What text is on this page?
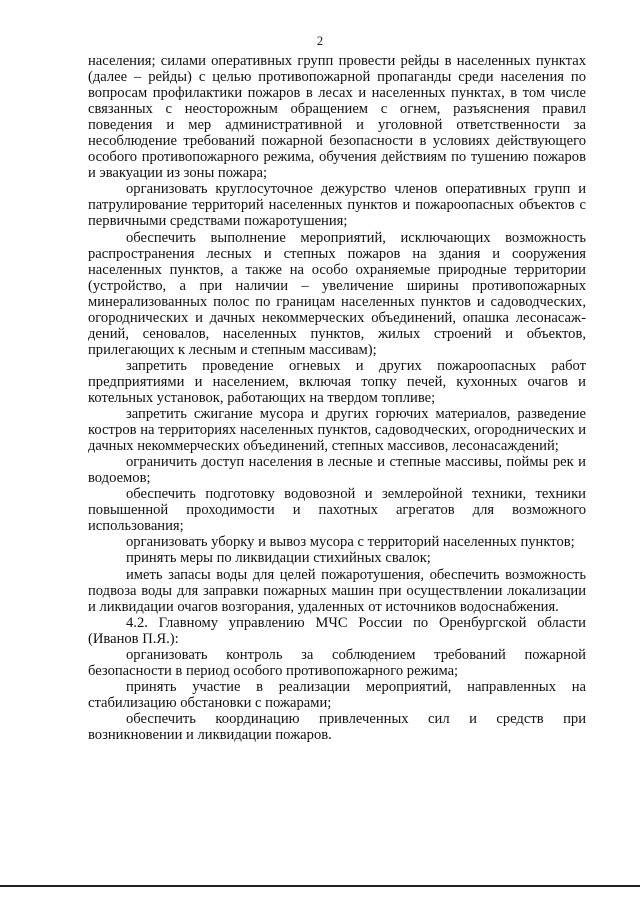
2

населения; силами оперативных групп провести рейды в населенных пунктах (далее – рейды) с целью противопожарной пропаганды среди населения по вопросам профилактики пожаров в лесах и населенных пунктах, в том числе связанных с неосторожным обращением с огнем, разъяснения правил поведения и мер административной и уголовной ответственности за несоблюдение требований пожарной безопасности в условиях действующего особого противопожарного режима, обучения действиям по тушению пожаров и эвакуации из зоны пожара;

организовать круглосуточное дежурство членов оперативных групп и патрулирование территорий населенных пунктов и пожароопасных объектов с первичными средствами пожаротушения;

обеспечить выполнение мероприятий, исключающих возможность распространения лесных и степных пожаров на здания и сооружения населенных пунктов, а также на особо охраняемые природные территории (устройство, а при наличии – увеличение ширины противопожарных минерализованных полос по границам населенных пунктов и садоводческих, огороднических и дачных некоммерческих объединений, опашка лесонасаждений, сеновалов, населенных пунктов, жилых строений и объектов, прилегающих к лесным и степным массивам);

запретить проведение огневых и других пожароопасных работ предприятиями и населением, включая топку печей, кухонных очагов и котельных установок, работающих на твердом топливе;

запретить сжигание мусора и других горючих материалов, разведение костров на территориях населенных пунктов, садоводческих, огороднических и дачных некоммерческих объединений, степных массивов, лесонасаждений;

ограничить доступ населения в лесные и степные массивы, поймы рек и водоемов;

обеспечить подготовку водовозной и землеройной техники, техники повышенной проходимости и пахотных агрегатов для возможного использования;

организовать уборку и вывоз мусора с территорий населенных пунктов;

принять меры по ликвидации стихийных свалок;

иметь запасы воды для целей пожаротушения, обеспечить возможность подвоза воды для заправки пожарных машин при осуществлении локализации и ликвидации очагов возгорания, удаленных от источников водоснабжения.

4.2. Главному управлению МЧС России по Оренбургской области (Иванов П.Я.):

организовать контроль за соблюдением требований пожарной безопасности в период особого противопожарного режима;

принять участие в реализации мероприятий, направленных на стабилизацию обстановки с пожарами;

обеспечить координацию привлеченных сил и средств при возникновении и ликвидации пожаров.
